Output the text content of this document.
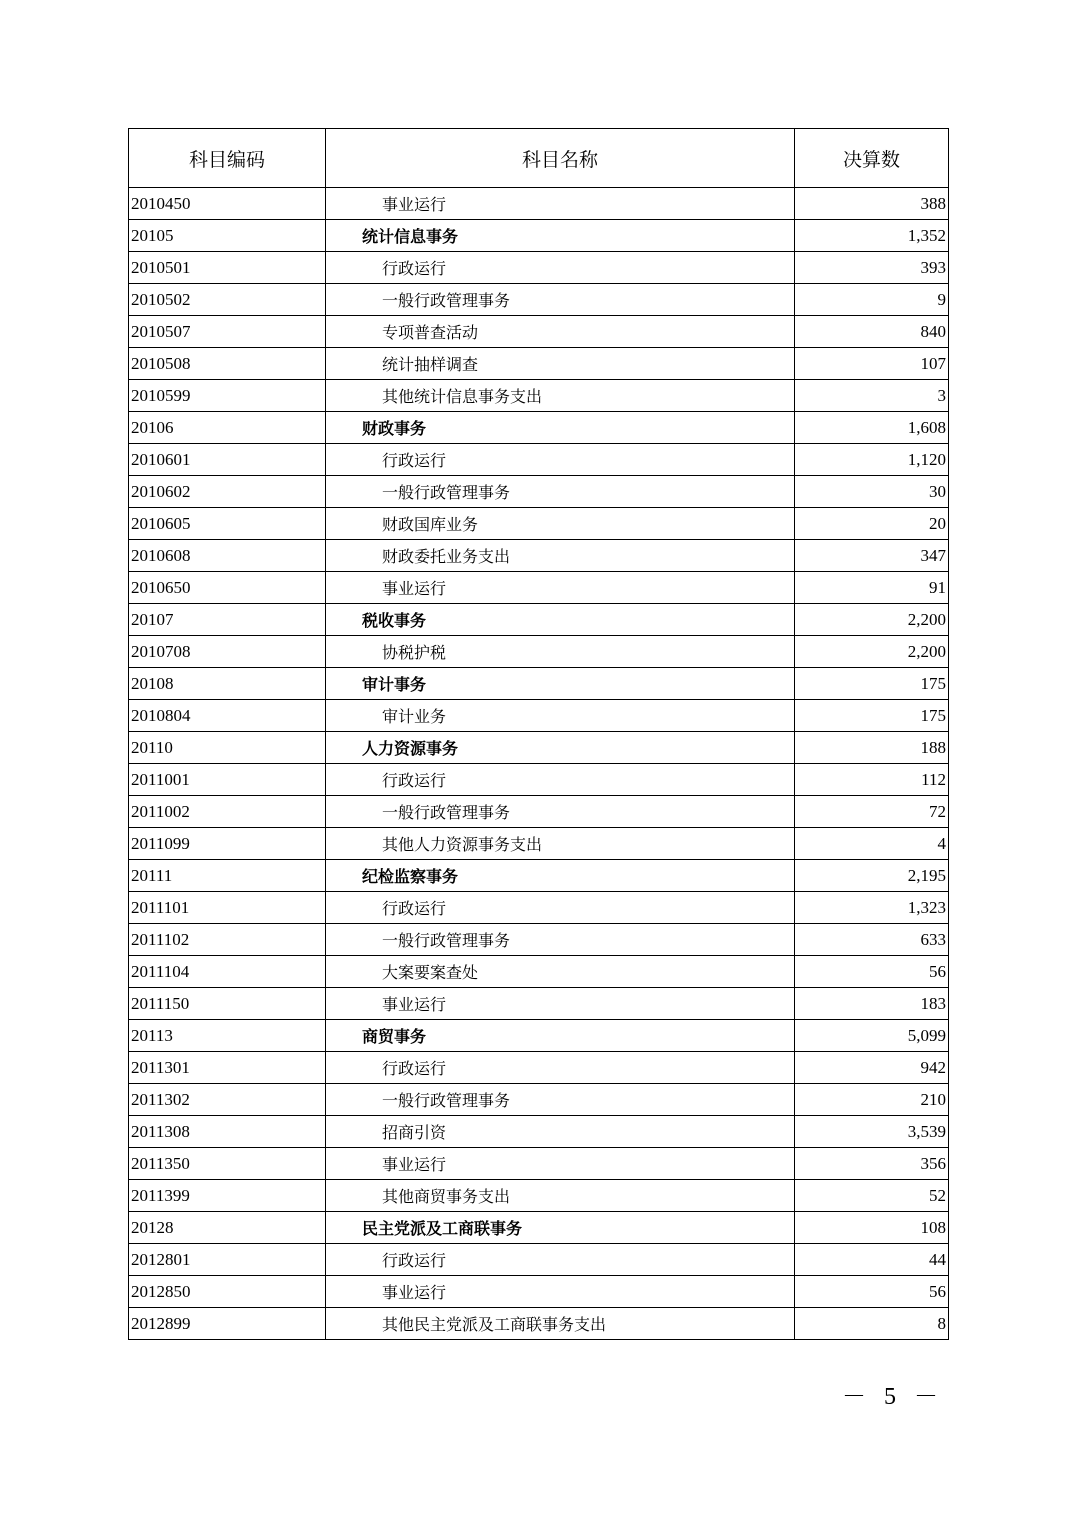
科目编码	科目名称	决算数
2010450	事业运行	388
20105	统计信息事务	1,352
2010501	行政运行	393
2010502	一般行政管理事务	9
2010507	专项普查活动	840
2010508	统计抽样调查	107
2010599	其他统计信息事务支出	3
20106	财政事务	1,608
2010601	行政运行	1,120
2010602	一般行政管理事务	30
2010605	财政国库业务	20
2010608	财政委托业务支出	347
2010650	事业运行	91
20107	税收事务	2,200
2010708	协税护税	2,200
20108	审计事务	175
2010804	审计业务	175
20110	人力资源事务	188
2011001	行政运行	112
2011002	一般行政管理事务	72
2011099	其他人力资源事务支出	4
20111	纪检监察事务	2,195
2011101	行政运行	1,323
2011102	一般行政管理事务	633
2011104	大案要案查处	56
2011150	事业运行	183
20113	商贸事务	5,099
2011301	行政运行	942
2011302	一般行政管理事务	210
2011308	招商引资	3,539
2011350	事业运行	356
2011399	其他商贸事务支出	52
20128	民主党派及工商联事务	108
2012801	行政运行	44
2012850	事业运行	56
2012899	其他民主党派及工商联事务支出	8
－ 5 －
